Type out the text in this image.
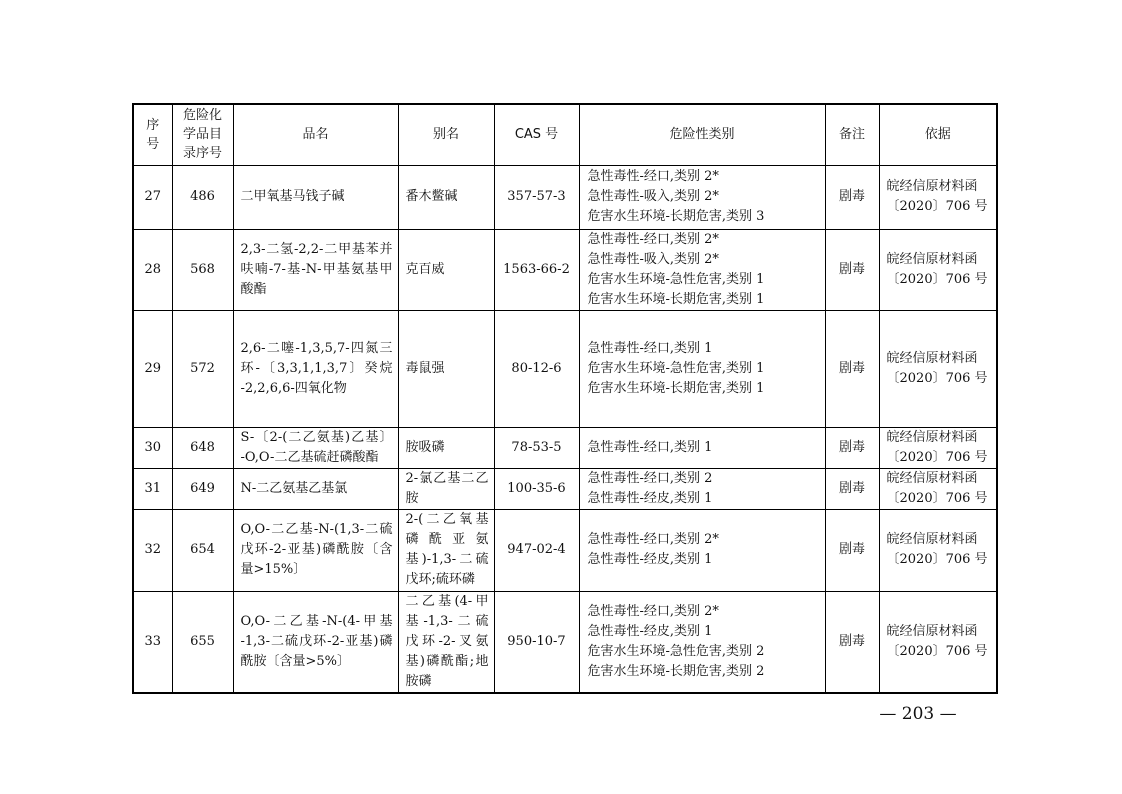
序
号	危险化
学品目
录序号	品名	别名	CAS 号	危险性类别	备注	依据
27	486	二甲氧基马钱子碱	番木鳖碱	357-57-3	急性毒性-经口,类别 2*
急性毒性-吸入,类别 2*
危害水生环境-长期危害,类别 3	剧毒	皖经信原材料函
〔2020〕706 号

28	568	2,3-二氢-2,2-二甲基苯并
呋喃-7-基-N-甲基氨基甲
酸酯	克百威	1563-66-2	急性毒性-经口,类别 2*
急性毒性-吸入,类别 2*
危害水生环境-急性危害,类别 1
危害水生环境-长期危害,类别 1	剧毒	皖经信原材料函
〔2020〕706 号

29	572	2,6-二噻-1,3,5,7-四氮三
环-〔3,3,1,1,3,7〕癸烷
-2,2,6,6-四氧化物	毒鼠强	80-12-6	急性毒性-经口,类别 1
危害水生环境-急性危害,类别 1
危害水生环境-长期危害,类别 1	剧毒	皖经信原材料函
〔2020〕706 号

30	648	S-〔2-(二乙氨基)乙基〕
-O,O-二乙基硫赶磷酸酯	胺吸磷	78-53-5	急性毒性-经口,类别 1	剧毒	皖经信原材料函
〔2020〕706 号

31	649	N-二乙氨基乙基氯	2-氯乙基二乙
胺	100-35-6	急性毒性-经口,类别 2
急性毒性-经皮,类别 1	剧毒	皖经信原材料函
〔2020〕706 号

32	654	O,O-二乙基-N-(1,3-二硫
戊环-2-亚基)磷酰胺〔含
量>15%〕	2-(二乙氧基
磷酰亚氨
基)-1,3-二硫
戊环;硫环磷	947-02-4	急性毒性-经口,类别 2*
急性毒性-经皮,类别 1	剧毒	皖经信原材料函
〔2020〕706 号

33	655	O,O-二乙基-N-(4-甲基
-1,3-二硫戊环-2-亚基)磷
酰胺〔含量>5%〕	二乙基(4-甲
基-1,3-二硫
戊环-2-叉氨
基)磷酰酯;地
胺磷	950-10-7	急性毒性-经口,类别 2*
急性毒性-经皮,类别 1
危害水生环境-急性危害,类别 2
危害水生环境-长期危害,类别 2	剧毒	皖经信原材料函
〔2020〕706 号
— 203 —
